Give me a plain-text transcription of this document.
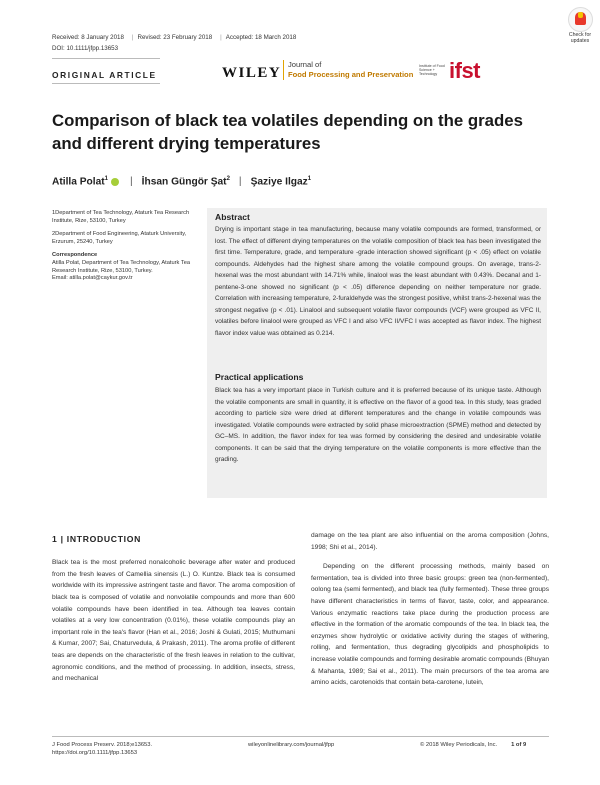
Received: 8 January 2018 | Revised: 23 February 2018 | Accepted: 18 March 2018
DOI: 10.1111/jfpp.13653
Check for updates
ORIGINAL ARTICLE	WILEY
Journal of
Food Processing and Preservation
Institute of Food Science + Technology ifst
Comparison of black tea volatiles depending on the grades and different drying temperatures
Atilla Polat$^1$ | İhsan Güngör Şat$^2$ | Şaziye Ilgaz$^1$

1Department of Tea Technology, Ataturk Tea Research Institute, Rize, 53100, Turkey

2Department of Food Engineering, Ataturk University, Erzurum, 25240, Turkey

Correspondence

Atilla Polat, Department of Tea Technology, Ataturk Tea Research Institute, Rize, 53100, Turkey.

Email: atilla.polat@caykur.gov.tr

Abstract
Drying is important stage in tea manufacturing, because many volatile compounds are formed, transformed, or lost. The effect of different drying temperatures on the volatile composition of black tea has been investigated the first time. Temperature, grade, and temperature -grade interaction showed significant (p < .05) effect on volatile compounds. Aldehydes had the highest share among the volatile compound groups. On average, trans-2-hexenal was the most abundant with 14.71% while, linalool was the least abundant with 0.43%. Decanal and 1-pentene-3-one showed no significant (p < .05) difference depending on neither temperature nor grade. Correlation with increasing temperature, 2-furaldehyde was the strongest positive, whilst trans-2-hexenal was the strongest negative (p < .01). Linalool and subsequent volatile flavor compounds (VCF) were grouped as VFC II, volatiles before linalool were grouped as VFC I and also VFC II/VFC I was accepted as flavor index. The highest flavor index value was obtained as 0.214.
Practical applications
Black tea has a very important place in Turkish culture and it is preferred because of its unique taste. Although the volatile components are small in quantity, it is effective on the flavor of a good tea. In this study, teas graded according to particle size were dried at different temperatures and the change in volatile compounds was investigated. Volatile compounds were extracted by solid phase microextraction (SPME) method and detected by GC–MS. In addition, the flavor index for tea was formed by considering the desired and undesirable volatile components. It can be said that the drying temperature on the volatile components is more effective than the grading.
1 | INTRODUCTION
Black tea is the most preferred nonalcoholic beverage after water and produced from the fresh leaves of Camellia sinensis (L.) O. Kuntze. Black tea is consumed worldwide with its impressive astringent taste and flavor. The aroma composition of black tea is composed of volatile and nonvolatile compounds and more than 600 volatile compounds have been identified in tea. Although tea leaves contain volatiles at a very low concentration (0.01%), these volatile compounds play an important role in the tea's flavor (Han et al., 2016; Joshi & Gulati, 2015; Muthumani & Kumar, 2007; Sai, Chaturvedula, & Prakash, 2011). The aroma profile of different teas are depends on the characteristic of the fresh leaves in relation to the cultivar, agronomic conditions, and the method of processing. In addition, insects, stress, and mechanical
damage on the tea plant are also influential on the aroma composition (Johns, 1998; Shi et al., 2014).
Depending on the different processing methods, mainly based on fermentation, tea is divided into three basic groups: green tea (non-fermented), oolong tea (semi fermented), and black tea (fully fermented). These three groups have different characteristics in terms of flavor, taste, color, and appearance. Various enzymatic reactions take place during the production process are effective in the formation of the aromatic compounds of the tea. In black tea, the enzymes show hydrolytic or oxidative activity during the stages of withering, rolling, and fermentation, thus degrading glycolipids and phospholipids to increase volatile compounds and forming desirable aromatic compounds (Bhuyan & Mahanta, 1989; Sai et al., 2011). The main precursors of the tea aroma are amino acids, carotenoids that contain beta-carotene, lutein,
J Food Process Preserv. 2018;e13653.
https://doi.org/10.1111/jfpp.13653
wileyonlinelibrary.com/journal/jfpp	© 2018 Wiley Periodicals, Inc. 1 of 9
